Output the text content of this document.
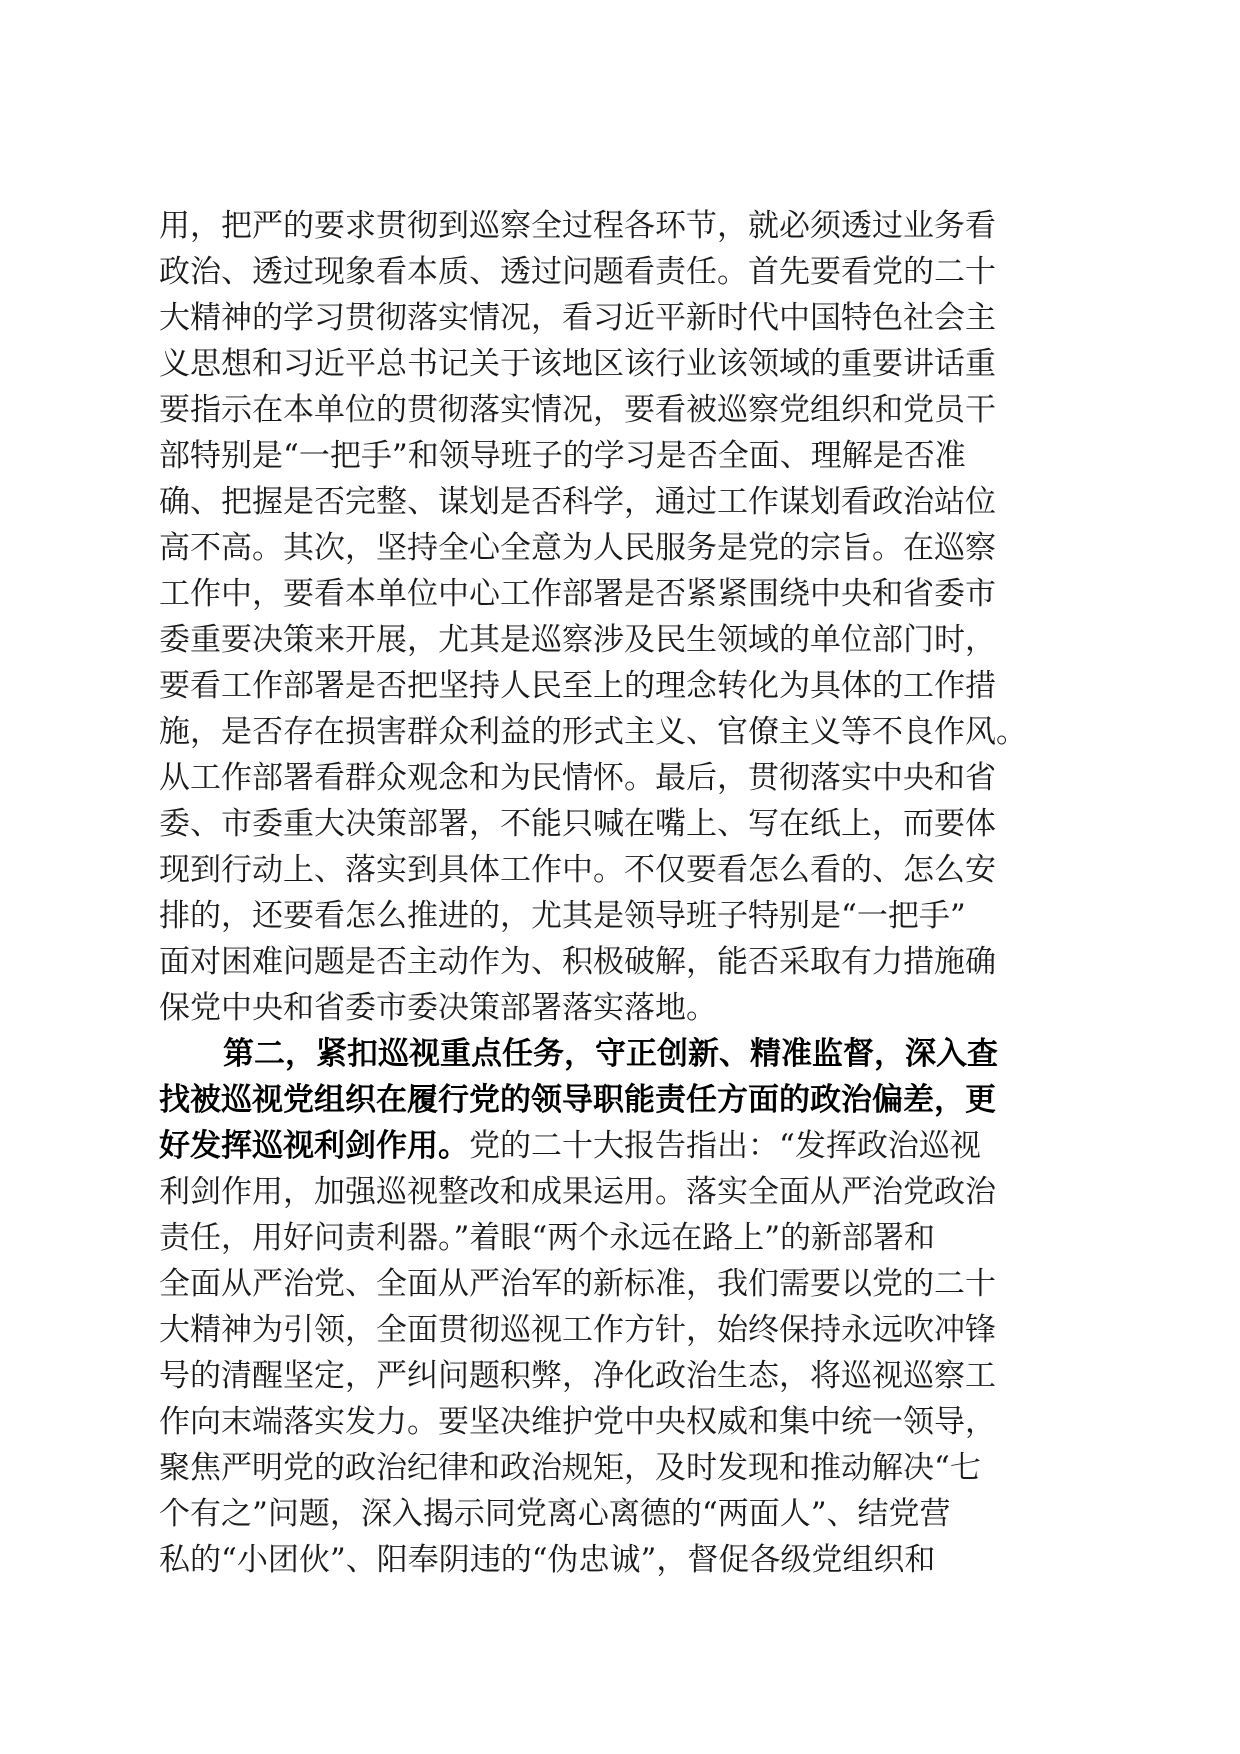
用，把严的要求贯彻到巡察全过程各环节，就必须透过业务看
政治、透过现象看本质、透过问题看责任。首先要看党的二十
大精神的学习贯彻落实情况，看习近平新时代中国特色社会主
义思想和习近平总书记关于该地区该行业该领域的重要讲话重
要指示在本单位的贯彻落实情况，要看被巡察党组织和党员干
部特别是“一把手”和领导班子的学习是否全面、理解是否准
确、把握是否完整、谋划是否科学，通过工作谋划看政治站位
高不高。其次，坚持全心全意为人民服务是党的宗旨。在巡察
工作中，要看本单位中心工作部署是否紧紧围绕中央和省委市
委重要决策来开展，尤其是巡察涉及民生领域的单位部门时，
要看工作部署是否把坚持人民至上的理念转化为具体的工作措
施，是否存在损害群众利益的形式主义、官僚主义等不良作风。
从工作部署看群众观念和为民情怀。最后，贯彻落实中央和省
委、市委重大决策部署，不能只喊在嘴上、写在纸上，而要体
现到行动上、落实到具体工作中。不仅要看怎么看的、怎么安
排的，还要看怎么推进的，尤其是领导班子特别是“一把手”
面对困难问题是否主动作为、积极破解，能否采取有力措施确
保党中央和省委市委决策部署落实落地。
第二，紧扣巡视重点任务，守正创新、精准监督，深入查
找被巡视党组织在履行党的领导职能责任方面的政治偏差，更
好发挥巡视利剑作用。党的二十大报告指出：“发挥政治巡视
利剑作用，加强巡视整改和成果运用。落实全面从严治党政治
责任，用好问责利器。”着眼“两个永远在路上”的新部署和
全面从严治党、全面从严治军的新标准，我们需要以党的二十
大精神为引领，全面贯彻巡视工作方针，始终保持永远吹冲锋
号的清醒坚定，严纠问题积弊，净化政治生态，将巡视巡察工
作向末端落实发力。要坚决维护党中央权威和集中统一领导，
聚焦严明党的政治纪律和政治规矩，及时发现和推动解决“七
个有之”问题，深入揭示同党离心离德的“两面人”、结党营
私的“小团伙”、阳奉阴违的“伪忠诚”，督促各级党组织和
